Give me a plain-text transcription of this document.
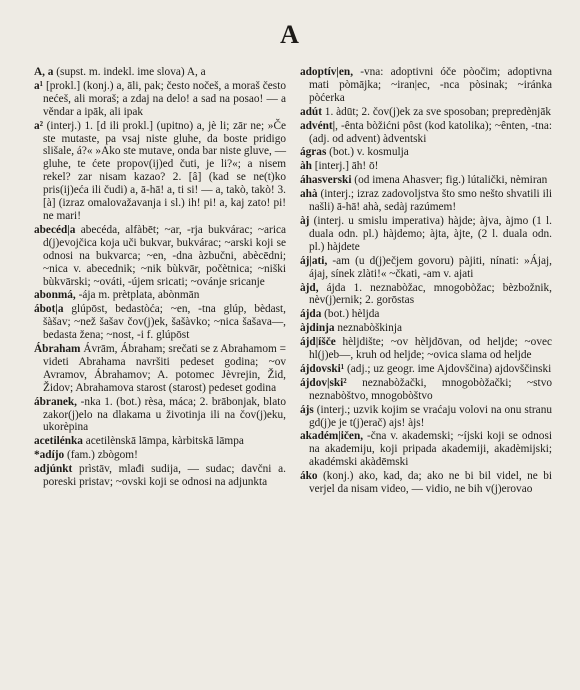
A
A, a (supst. m. indekl. ime slova) A, a
a¹ [prokl.] (konj.) a, āli, pak; često nočeš, a moraš često nećeš, ali moraš; a zdaj na delo! a sad na posao! — a věndar a ipāk, ali ipak
a² (interj.) 1. [d ili prokl.] (upitno) a, jè li; zār ne; »Če ste mutaste, pa vsaj niste gluhe, da boste pridigo slišale, á?« »Ako ste mutave, onda bar niste gluve, — gluhe, te ćete propov(ij)ed čuti, je li?«; a nisem rekel? zar nisam kazao? 2. [â] (kad se ne(t)ko pris(ij)eća ili čudi) a, ā-hā! a, ti si! — a, takò, takò! 3. [à] (izraz omalovažavanja i sl.) ih! pi! a, kaj zato! pi! ne mari!
abecéd|a abecéda, alfàbēt; ~ar, -rja bukvárac; ~arica d(j)evojčica koja uči bukvar, bukváraс; ~arski koji se odnosi na bukvarca; ~en, -dna àzbučni, abècēdni; ~nica v. abecednik; ~nik bùkvār, počètnica; ~niški bùkvārski; ~ováti, -újem sricati; ~ovánje sricanje
abonmá, -ája m. prètplata, abònmān
ábot|a glúpōst, bedastòća; ~en, -tna glúp, bèdast, šàšav; ~než šašav čov(j)ek, šašàvko; ~nica šašava—, bedasta žena; ~nost, -i f. glúpōst
Ábraham Ávrām, Ábraham; srečati se z Abrahamom = videti Abrahama navršiti pedeset godina; ~ov Avramov, Ábrahamov; A. potomec Jèvrejin, Žid, Židov; Abrahamova starost (starost) pedeset godina
ábranek, -nka 1. (bot.) rèsa, máca; 2. brābonjak, blato zakor(j)elo na dlakama u životinja ili na čov(j)eku, ukorèpina
acetilénka acetilènskā lāmpa, kàrbitskā lāmpa
*adíjo (fam.) zbògom!
adjúnkt prìstāv, mlađi sudija, — sudac; davčni a. poreski pristav; ~ovski koji se odnosi na adjunkta
adoptív|en, -vna: adoptivni óče pòočim; adoptivna mati pòmājka; ~iran|ec, -nca pòsinak; ~iránka pòćerka
adút 1. àdūt; 2. čov(j)ek za sve sposoban; prepredènjāk
advént|, -ênta bòžićni pôst (kod katolika); ~ênten, -tna: (adj. od advent) àdventski
ágras (bot.) v. kosmulja
àh [interj.] āh! ō!
áhasverski (od imena Ahasver; fig.) lútalički, nèmiran
ahà (interj.; izraz zadovoljstva što smo nešto shvatili ili našli) ā-hā! ahà, sedàj razúmem!
àj (interj. u smislu imperativa) hàjde; àjva, àjmo (1 l. duala odn. pl.) hàjdemo; àjta, àjte, (2 l. duala odn. pl.) hàjdete
áj|ati, -am (u d(j)ečjem govoru) pàjiti, nínati: »Ájaj, ájaj, sínek zlàti!« ~čkati, -am v. ajati
àjd, ájda 1. neznabòžac, mnogobòžac; bèzbožnik, nèv(j)ernik; 2. gorōstas
ájda (bot.) hèljda
àjdinja neznabòškinja
ájd|íšče hèljdište; ~ov hèljdōvan, od heljde; ~ovec hl(j)eb—, kruh od heljde; ~ovica slama od heljde
ájdovski¹ (adj.; uz geogr. ime Ajdovščina) ajdovščinski
ájdov|ski² neznabòžački, mnogobòžački; ~stvo neznabòštvo, mnogobòštvo
ájs (interj.; uzvik kojim se vraćaju volovi na onu stranu gd(j)e je t(j)erač) ajs! àjs!
akadém|ičen, -čna v. akademski; ~íjski koji se odnosi na akademiju, koji pripada akademiji, akadèmijski; akadémski akàdēmski
áko (konj.) ako, kad, da; ako ne bi bil videl, ne bi verjel da nisam video, — vidio, ne bih v(j)erovao
